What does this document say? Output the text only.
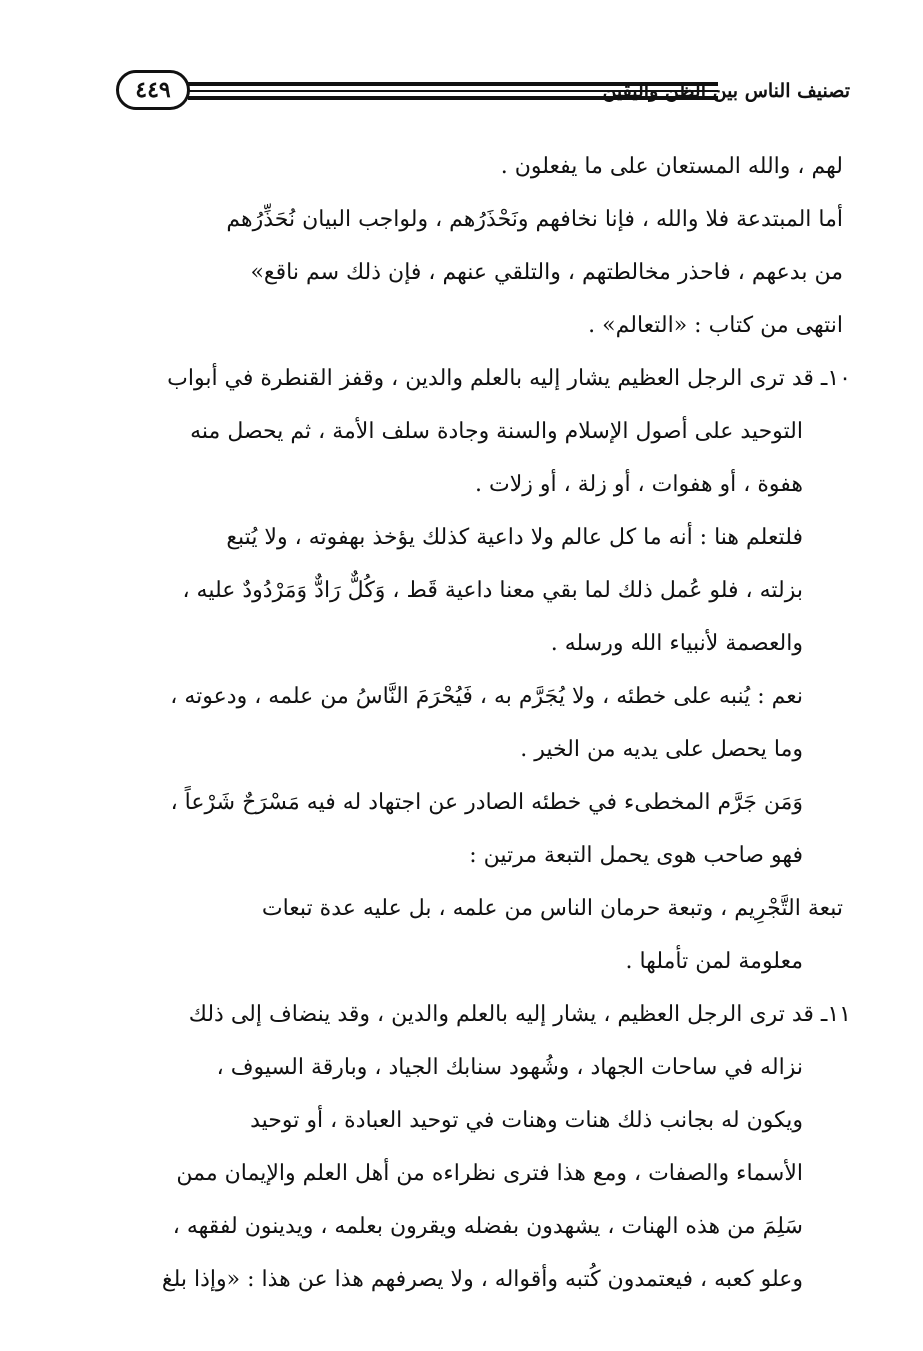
٤٤٩	تصنيف الناس بين الظن واليقين
لهم ، والله المستعان على ما يفعلون .
أما المبتدعة فلا والله ، فإنا نخافهم ونَحْذَرُهم ، ولواجب البيان نُحَذِّرُهم
من بدعهم ، فاحذر مخالطتهم ، والتلقي عنهم ، فإن ذلك سم ناقع»
انتهى من كتاب : «التعالم» .
١٠ـ قد ترى الرجل العظيم يشار إليه بالعلم والدين ، وقفز القنطرة في أبواب
التوحيد على أصول الإسلام والسنة وجادة سلف الأمة ، ثم يحصل منه
هفوة ، أو هفوات ، أو زلة ، أو زلات .
فلتعلم هنا : أنه ما كل عالم ولا داعية كذلك يؤخذ بهفوته ، ولا يُتبع
بزلته ، فلو عُمل ذلك لما بقي معنا داعية قَط ، وَكُلٌّ رَادٌّ وَمَرْدُودٌ عليه ،
والعصمة لأنبياء الله ورسله .
نعم : يُنبه على خطئه ، ولا يُجَرَّم به ، فَيُحْرَمَ النَّاسُ من علمه ، ودعوته ،
وما يحصل على يديه من الخير .
وَمَن جَرَّم المخطىء في خطئه الصادر عن اجتهاد له فيه مَسْرَحٌ شَرْعاً ،
فهو صاحب هوى يحمل التبعة مرتين :
تبعة التَّجْرِيم ، وتبعة حرمان الناس من علمه ، بل عليه عدة تبعات
معلومة لمن تأملها .
١١ـ قد ترى الرجل العظيم ، يشار إليه بالعلم والدين ، وقد ينضاف إلى ذلك
نزاله في ساحات الجهاد ، وشُهود سنابك الجياد ، وبارقة السيوف ،
ويكون له بجانب ذلك هنات وهنات في توحيد العبادة ، أو توحيد
الأسماء والصفات ، ومع هذا فترى نظراءه من أهل العلم والإيمان ممن
سَلِمَ من هذه الهنات ، يشهدون بفضله ويقرون بعلمه ، ويدينون لفقهه ،
وعلو كعبه ، فيعتمدون كُتبه وأقواله ، ولا يصرفهم هذا عن هذا : «وإذا بلغ
